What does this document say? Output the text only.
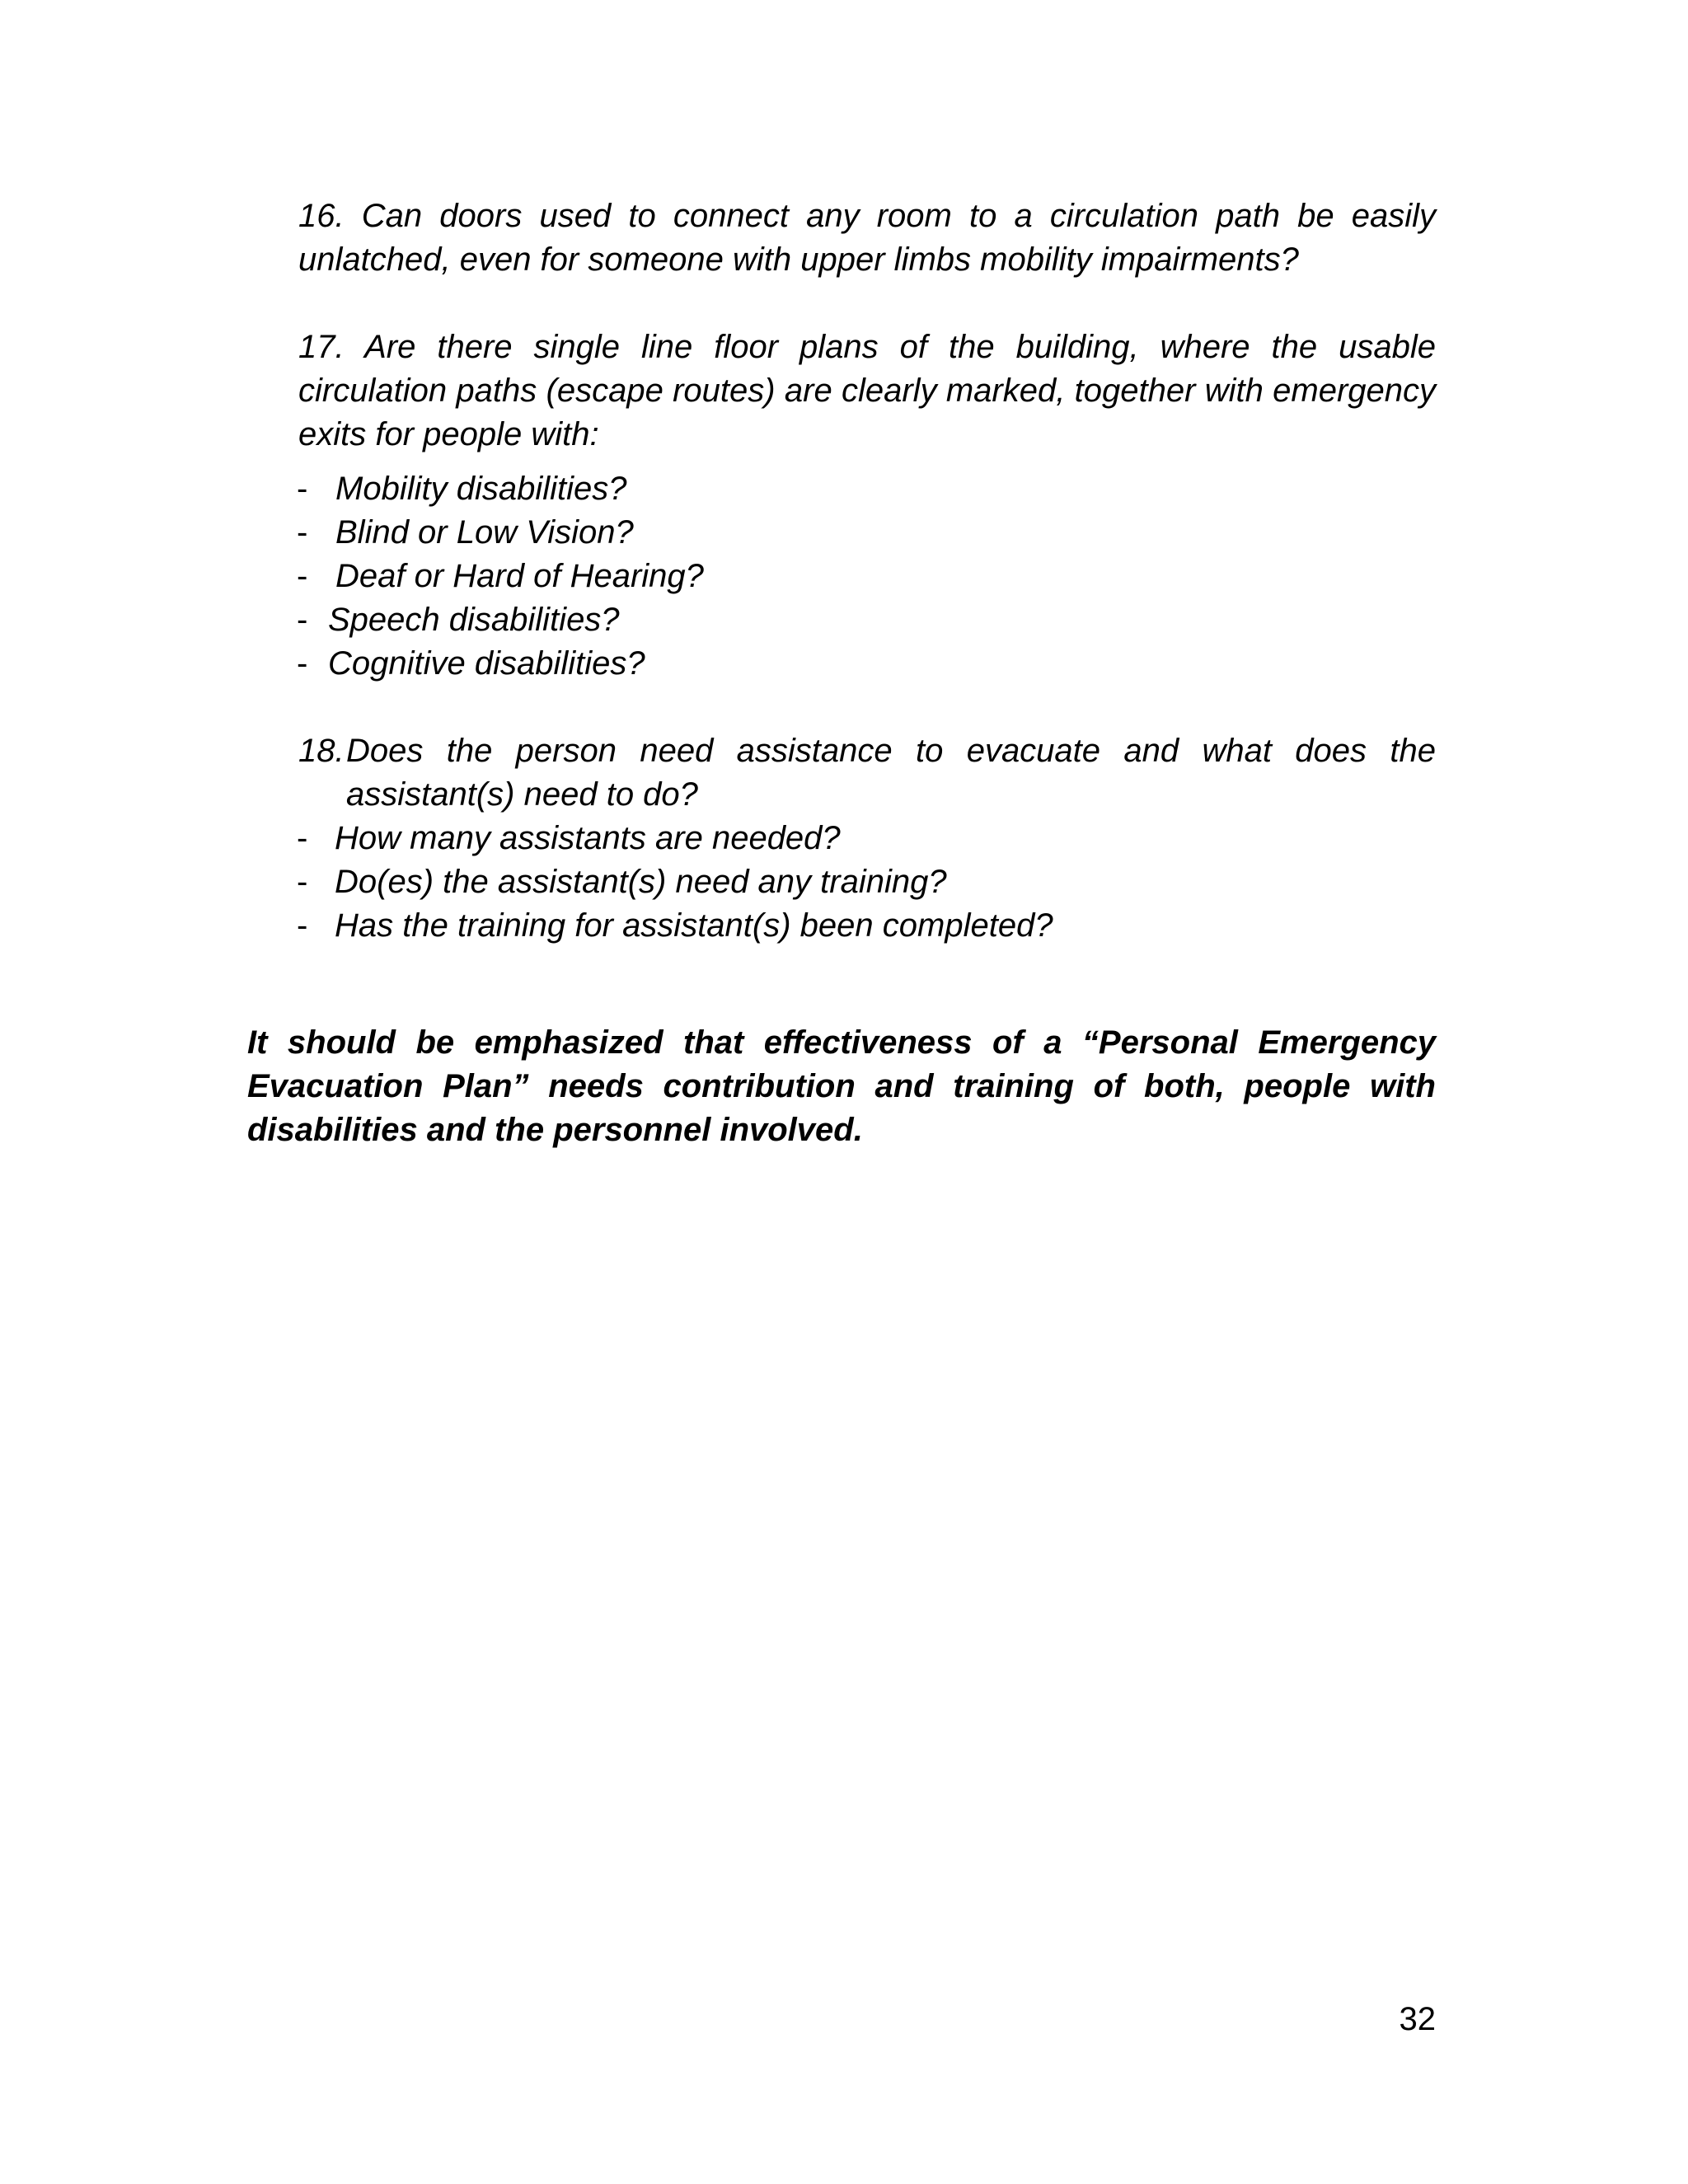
16. Can doors used to connect any room to a circulation path be easily unlatched, even for someone with upper limbs mobility impairments?

17. Are there single line floor plans of the building, where the usable circulation paths (escape routes) are clearly marked, together with emergency exits for people with:

- Mobility disabilities?
- Blind or Low Vision?
- Deaf or Hard of Hearing?
- Speech disabilities?
- Cognitive disabilities?
18. Does the person need assistance to evacuate and what does the assistant(s) need to do?
- How many assistants are needed?
- Do(es) the assistant(s) need any training?
- Has the training for assistant(s) been completed?

It should be emphasized that effectiveness of a “Personal Emergency Evacuation Plan” needs contribution and training of both, people with disabilities and the personnel involved.

32
